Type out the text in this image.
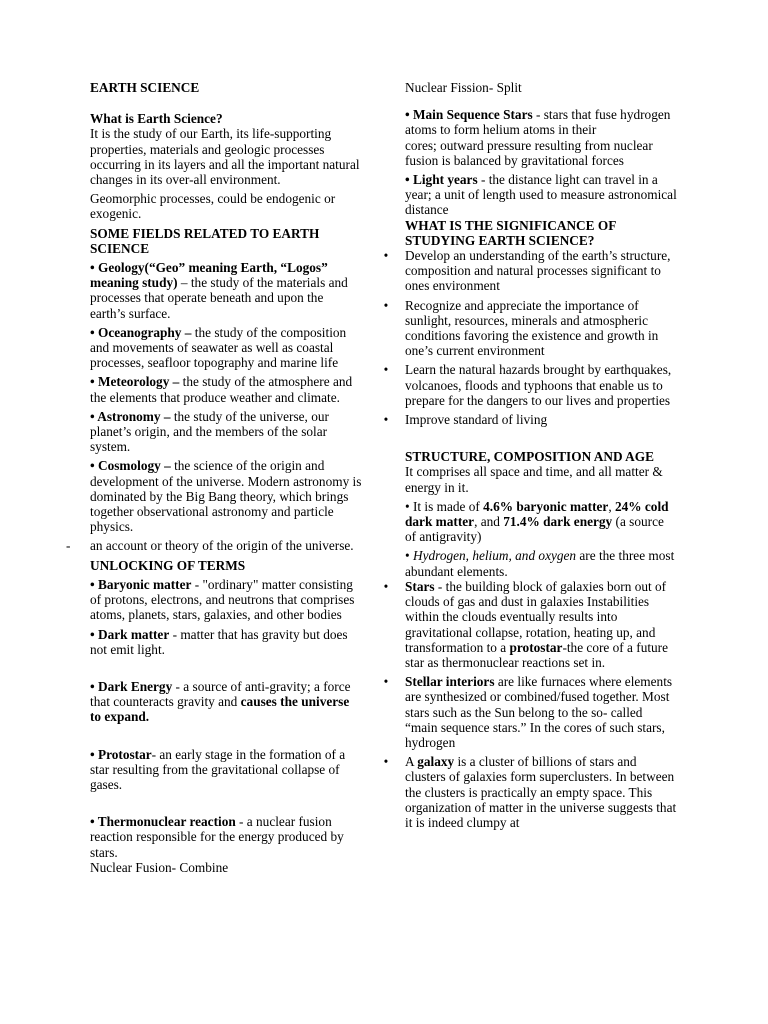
EARTH SCIENCE

What is Earth Science?

It is the study of our Earth, its life-supporting properties, materials and geologic processes occurring in its layers and all the important natural changes in its over-all environment.

Geomorphic processes, could be endogenic or exogenic.

SOME FIELDS RELATED TO EARTH SCIENCE

• Geology(“Geo” meaning Earth, “Logos” meaning study) – the study of the materials and processes that operate beneath and upon the earth’s surface.

• Oceanography – the study of the composition and movements of seawater as well as coastal processes, seafloor topography and marine life

• Meteorology – the study of the atmosphere and the elements that produce weather and climate.

• Astronomy – the study of the universe, our planet’s origin, and the members of the solar system.

• Cosmology – the science of the origin and development of the universe. Modern astronomy is dominated by the Big Bang theory, which brings together observational astronomy and particle physics.

- an account or theory of the origin of the universe.

UNLOCKING OF TERMS

• Baryonic matter - "ordinary" matter consisting of protons, electrons, and neutrons that comprises atoms, planets, stars, galaxies, and other bodies

• Dark matter - matter that has gravity but does not emit light.

• Dark Energy - a source of anti-gravity; a force that counteracts gravity and causes the universe to expand.

• Protostar- an early stage in the formation of a star resulting from the gravitational collapse of gases.

• Thermonuclear reaction - a nuclear fusion reaction responsible for the energy produced by stars.

Nuclear Fusion- Combine

Nuclear Fission- Split

• Main Sequence Stars - stars that fuse hydrogen atoms to form helium atoms in their

cores; outward pressure resulting from nuclear fusion is balanced by gravitational forces

• Light years - the distance light can travel in a year; a unit of length used to measure astronomical distance

WHAT IS THE SIGNIFICANCE OF STUDYING EARTH SCIENCE?

• Develop an understanding of the earth’s structure, composition and natural processes significant to ones environment
• Recognize and appreciate the importance of sunlight, resources, minerals and atmospheric conditions favoring the existence and growth in one’s current environment
• Learn the natural hazards brought by earthquakes, volcanoes, floods and typhoons that enable us to prepare for the dangers to our lives and properties
• Improve standard of living

STRUCTURE, COMPOSITION AND AGE

It comprises all space and time, and all matter & energy in it.

• It is made of 4.6% baryonic matter, 24% cold dark matter, and 71.4% dark energy (a source of antigravity)

• Hydrogen, helium, and oxygen are the three most abundant elements.

• Stars - the building block of galaxies born out of clouds of gas and dust in galaxies Instabilities within the clouds eventually results into gravitational collapse, rotation, heating up, and transformation to a protostar-the core of a future star as thermonuclear reactions set in.
• Stellar interiors are like furnaces where elements are synthesized or combined/fused together. Most stars such as the Sun belong to the so- called “main sequence stars.” In the cores of such stars, hydrogen
• A galaxy is a cluster of billions of stars and clusters of galaxies form superclusters. In between the clusters is practically an empty space. This organization of matter in the universe suggests that it is indeed clumpy at
